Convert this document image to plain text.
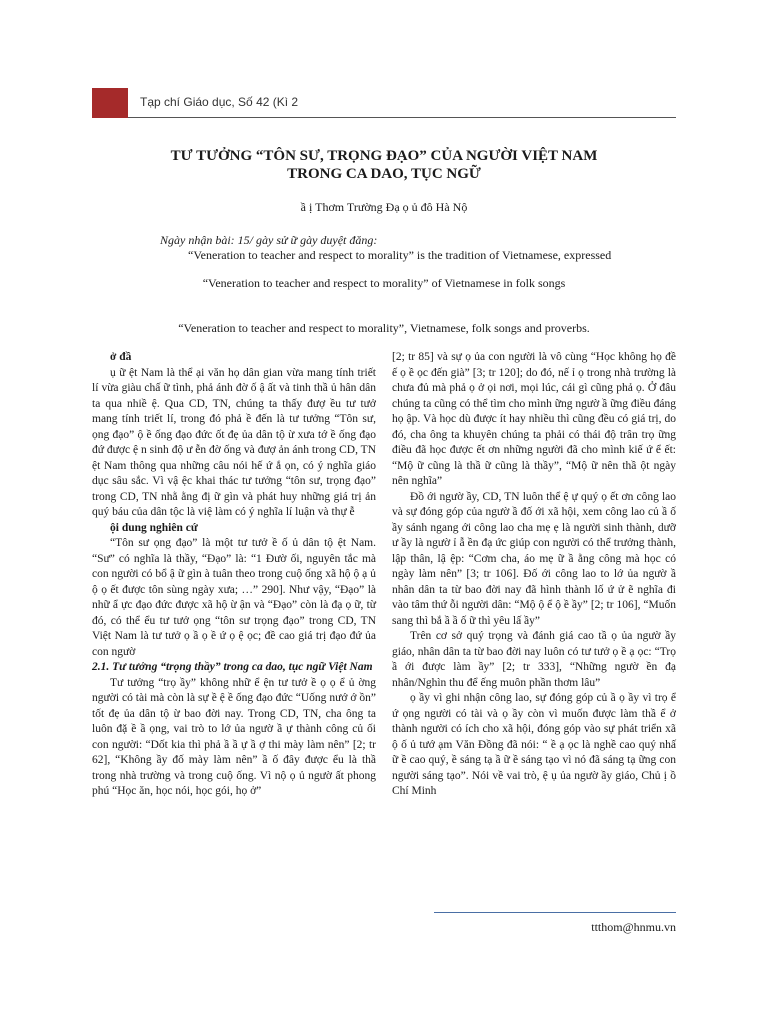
Tạp chí Giáo dục, Số 42 (Kì 2
TƯ TƯỞNG “TÔN SƯ, TRỌNG ĐẠO” CỦA NGƯỜI VIỆT NAM
TRONG CA DAO, TỤC NGỮ
ầ ị Thơm Trường Đạ ọ ủ đô Hà Nộ
Ngày nhận bài: 15/ gày sử ữ gày duyệt đăng:
“Veneration to teacher and respect to morality” is the tradition of Vietnamese, expressed
“Veneration to teacher and respect to morality” of Vietnamese in folk songs
“Veneration to teacher and respect to morality”, Vietnamese, folk songs and proverbs.

ở đầ

ụ ữ ệt Nam là thể ại văn họ dân gian vừa mang tính triết lí vừa giàu chấ ữ tình, phả ánh đờ ố ậ ất và tinh thầ ủ hân dân ta qua nhiề ệ. Qua CD, TN, chúng ta thấy đượ ều tư tưở mang tính triết lí, trong đó phả ề đến là tư tưởng “Tôn sư, ọng đạo” ộ ề ống đạo đức ốt đẹ ủa dân tộ ừ xưa tớ ề ống đạo đứ được ệ n sinh độ ư ễn đờ ống và đượ ản ánh trong CD, TN ệt Nam thông qua những câu nói hế ứ ắ ọn, có ý nghĩa giáo dục sâu sắc. Vì vậ ệc khai thác tư tưởng “tôn sư, trọng đạo” trong CD, TN nhằ ằng đị ữ gìn và phát huy những giá trị ản quý báu của dân tộc là việ làm có ý nghĩa lí luận và thự ễ

ội dung nghiên cứ

“Tôn sư ọng đạo” là một tư tưở ề ố ủ dân tộ ệt Nam. “Sư” có nghĩa là thầy, “Đạo” là: “1 Đườ ối, nguyên tắc mà con người có bổ ậ ữ gìn à tuân theo trong cuộ ống xã hộ ộ ạ ủ ộ ọ ết được tôn sùng ngày xưa; …” 290]. Như vậy, “Đạo” là nhữ ẩ ực đạo đức được xã hộ ừ ận và “Đạo” còn là đạ ọ ữ, từ đó, có thể ểu tư tưở ọng “tôn sư trọng đạo” trong CD, TN Việt Nam là tư tưở ọ ầ ọ ề ứ ọ ệ ọc; đề cao giá trị đạo đứ ủa con ngườ

2.1. Tư tưởng “trọng thầy” trong ca dao, tục ngữ Việt Nam

Tư tưởng “trọ ầy” không nhữ ể ện tư tưở ề ọ ọ ể ủ ờng người có tài mà còn là sự ề ệ ề ống đạo đức “Uống nướ ớ ồn” tốt đẹ ủa dân tộ ừ bao đời nay. Trong CD, TN, cha ông ta luôn đặ ề ầ ọng, vai trò to lớ ủa ngườ ầ ự thành công củ ối con người: “Dốt kia thì phả ầ ầ ự ầ ợ thi mày làm nên” [2; tr 62], “Không ầy đố mày làm nên” ầ ố đây được ểu là thầ trong nhà trường và trong cuộ ống. Vì nộ ọ ủ ngườ ất phong phú “Học ăn, học nói, học gói, họ ở”

[2; tr 85] và sự ọ ủa con người là vô cùng “Học không họ đề ế ọ ề ọc đến già” [3; tr 120]; do đó, nế ỉ ọ trong nhà trường là chưa đủ mà phả ọ ở ọi nơi, mọi lúc, cái gì cũng phả ọ. Ở đâu chúng ta cũng có thể tìm cho mình ững ngườ ầ ững điều đáng họ ập. Và học dù được ít hay nhiều thì cũng đều có giá trị, do đó, cha ông ta khuyên chúng ta phải có thái độ trân trọ ững điều đã học được ết ơn những người đã cho mình kiế ứ ể ết: “Mộ ữ cũng là thầ ữ cũng là thầy”, “Mộ ữ nên thầ ột ngày nên nghĩa”

Đồ ới ngườ ầy, CD, TN luôn thể ệ ự quý ọ ết ơn công lao và sự đóng góp của ngườ ầ đố ới xã hội, xem công lao củ ầ ố ầy sánh ngang ới công lao cha mẹ ẹ là người sinh thành, dưỡ ư ầy là ngườ ỉ ẫ ền đạ ức giúp con người có thể trưởng thành, lập thân, lậ ệp: “Cơm cha, áo mẹ ữ ầ ằng công mà học có ngày làm nên” [3; tr 106]. Đố ới công lao to lớ ủa ngườ ầ nhân dân ta từ bao đời nay đã hình thành lố ứ ử ẽ nghĩa đi vào tâm thứ ỗi người dân: “Mộ ộ ể ộ ề ầy” [2; tr 106], “Muốn sang thì bắ ầ ầ ố ữ thì yêu lấ ầy”

Trên cơ sở quý trọng và đánh giá cao tầ ọ ủa ngườ ầy giáo, nhân dân ta từ bao đời nay luôn có tư tưở ọ ề ạ ọc: “Trọ ầ ới được làm ầy” [2; tr 333], “Những ngườ ền đạ nhân/Nghìn thu để ếng muôn phần thơm lâu”

ọ ầy vì ghi nhận công lao, sự đóng góp củ ầ ọ ầy vì trọ ể ứ ọng người có tài và ọ ầy còn vì muốn được làm thầ ể ở thành người có ích cho xã hội, đóng góp vào sự phát triển xã ộ ố ủ tướ ạm Văn Đồng đã nói: “ ề ạ ọc là nghề cao quý nhấ ữ ề cao quý, ề sáng tạ ầ ữ ề sáng tạo vì nó đã sáng tạ ững con người sáng tạo”. Nói về vai trò, ệ ụ ủa ngườ ầy giáo, Chủ ị ồ Chí Minh

ttthom@hnmu.vn
